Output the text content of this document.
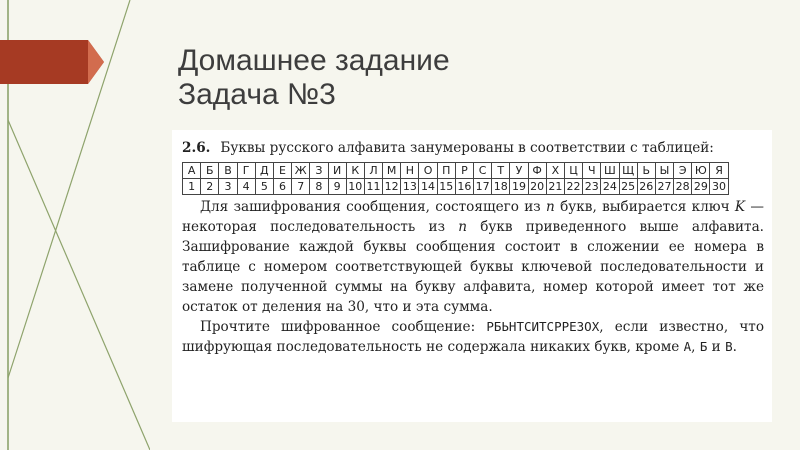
Домашнее задание
Задача №3

2.6. Буквы русского алфавита занумерованы в соответствии с таблицей:

А	Б	В	Г	Д	Е	Ж	З	И	К	Л	М	Н	О	П	Р	С	Т	У	Ф	Х	Ц	Ч	Ш	Щ	Ь	Ы	Э	Ю	Я
1	2	3	4	5	6	7	8	9	10	11	12	13	14	15	16	17	18	19	20	21	22	23	24	25	26	27	28	29	30

Для зашифрования сообщения, состоящего из n букв, выбирается ключ K — некоторая последовательность из n букв приведенного выше алфавита. Зашифрование каждой буквы сообщения состоит в сложении ее номера в таблице с номером соответствующей буквы ключевой последовательности и замене полученной суммы на букву алфавита, номер которой имеет тот же остаток от деления на 30, что и эта сумма.

Прочтите шифрованное сообщение: РБЬНТСИТСРРЕЗОХ, если известно, что шифрующая последовательность не содержала никаких букв, кроме А, Б и В.
